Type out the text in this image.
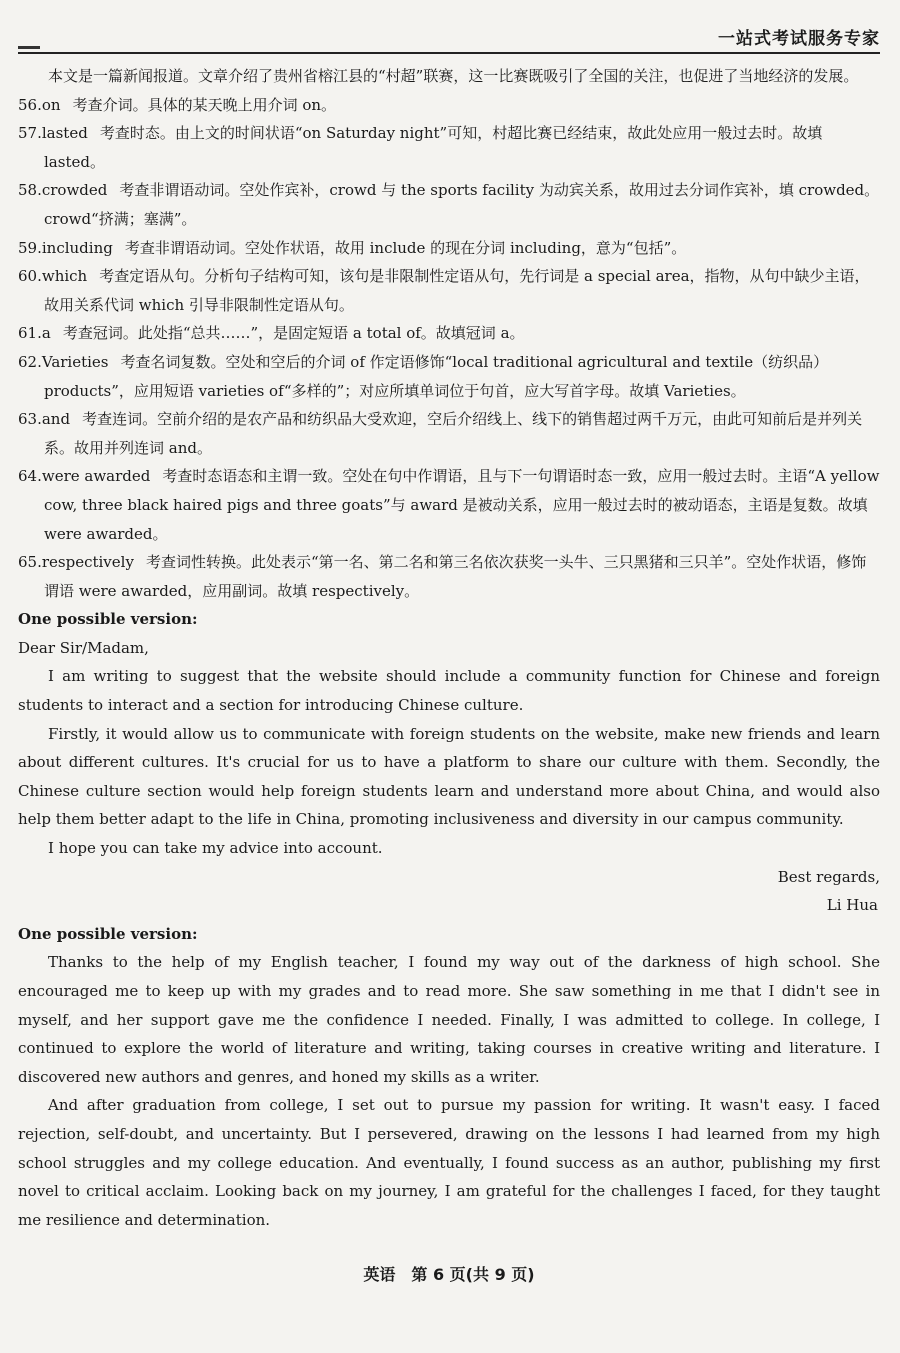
一站式考试服务专家

本文是一篇新闻报道。文章介绍了贵州省榕江县的“村超”联赛，这一比赛既吸引了全国的关注，也促进了当地经济的发展。

56.on 考查介词。具体的某天晚上用介词 on。

57.lasted 考查时态。由上文的时间状语“on Saturday night”可知，村超比赛已经结束，故此处应用一般过去时。故填 lasted。

58.crowded 考查非谓语动词。空处作宾补，crowd 与 the sports facility 为动宾关系，故用过去分词作宾补，填 crowded。crowd“挤满；塞满”。

59.including 考查非谓语动词。空处作状语，故用 include 的现在分词 including，意为“包括”。

60.which 考查定语从句。分析句子结构可知，该句是非限制性定语从句，先行词是 a special area，指物，从句中缺少主语，故用关系代词 which 引导非限制性定语从句。

61.a 考查冠词。此处指“总共……”，是固定短语 a total of。故填冠词 a。

62.Varieties 考查名词复数。空处和空后的介词 of 作定语修饰“local traditional agricultural and textile（纺织品）products”，应用短语 varieties of“多样的”；对应所填单词位于句首，应大写首字母。故填 Varieties。

63.and 考查连词。空前介绍的是农产品和纺织品大受欢迎，空后介绍线上、线下的销售超过两千万元，由此可知前后是并列关系。故用并列连词 and。

64.were awarded 考查时态语态和主谓一致。空处在句中作谓语，且与下一句谓语时态一致，应用一般过去时。主语“A yellow cow, three black haired pigs and three goats”与 award 是被动关系，应用一般过去时的被动语态，主语是复数。故填 were awarded。

65.respectively 考查词性转换。此处表示“第一名、第二名和第三名依次获奖一头牛、三只黑猪和三只羊”。空处作状语，修饰谓语 were awarded，应用副词。故填 respectively。

One possible version:

Dear Sir/Madam,

I am writing to suggest that the website should include a community function for Chinese and foreign students to interact and a section for introducing Chinese culture.

Firstly, it would allow us to communicate with foreign students on the website, make new friends and learn about different cultures. It's crucial for us to have a platform to share our culture with them. Secondly, the Chinese culture section would help foreign students learn and understand more about China, and would also help them better adapt to the life in China, promoting inclusiveness and diversity in our campus community.

I hope you can take my advice into account.

Best regards,

Li Hua

One possible version:

Thanks to the help of my English teacher, I found my way out of the darkness of high school. She encouraged me to keep up with my grades and to read more. She saw something in me that I didn't see in myself, and her support gave me the confidence I needed. Finally, I was admitted to college. In college, I continued to explore the world of literature and writing, taking courses in creative writing and literature. I discovered new authors and genres, and honed my skills as a writer.

And after graduation from college, I set out to pursue my passion for writing. It wasn't easy. I faced rejection, self-doubt, and uncertainty. But I persevered, drawing on the lessons I had learned from my high school struggles and my college education. And eventually, I found success as an author, publishing my first novel to critical acclaim. Looking back on my journey, I am grateful for the challenges I faced, for they taught me resilience and determination.

英语　第 6 页(共 9 页)
